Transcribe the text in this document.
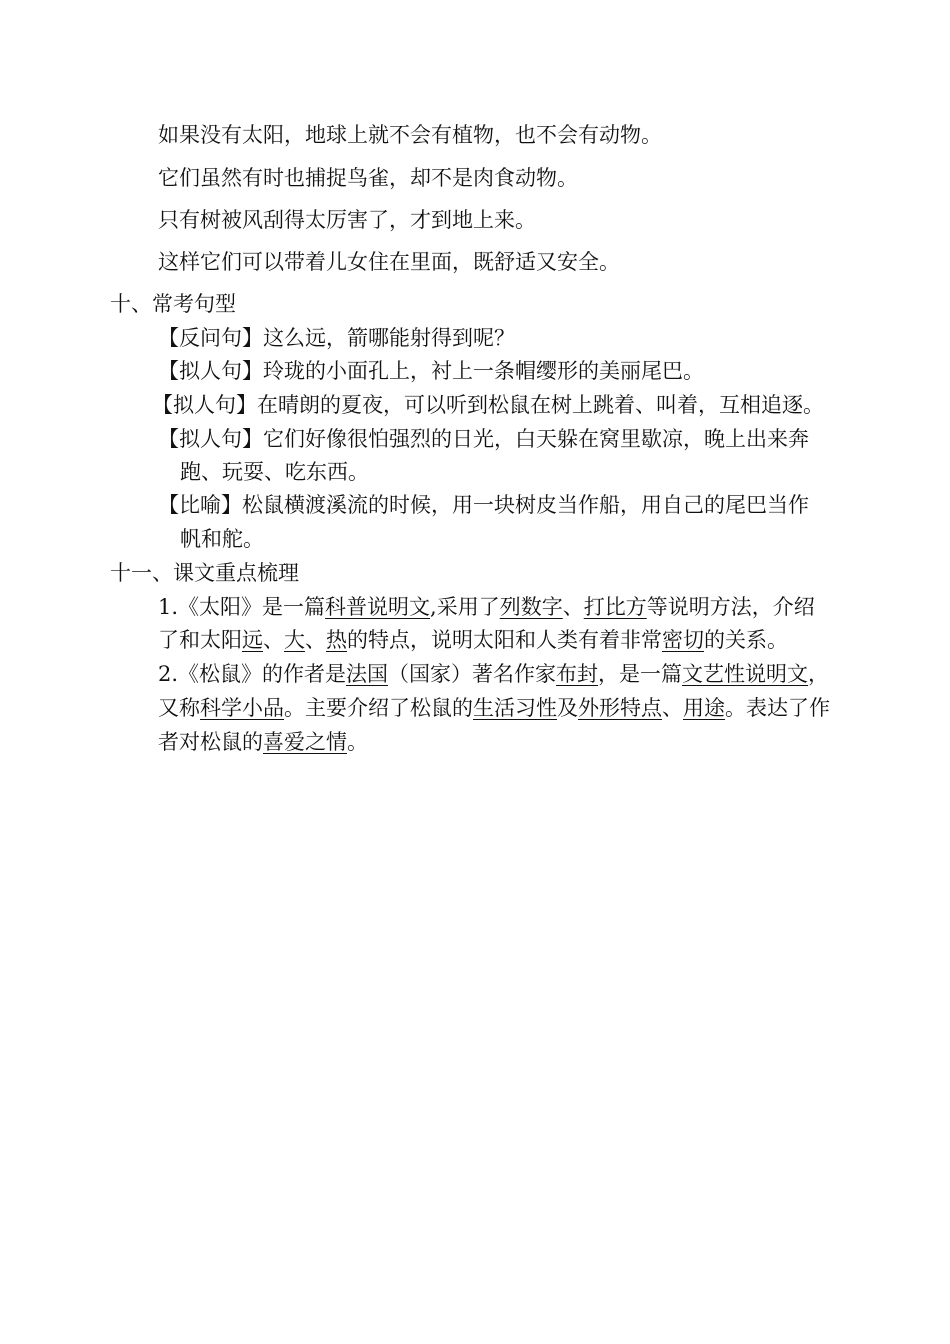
如果没有太阳，地球上就不会有植物，也不会有动物。
它们虽然有时也捕捉鸟雀，却不是肉食动物。
只有树被风刮得太厉害了，才到地上来。
这样它们可以带着儿女住在里面，既舒适又安全。
十、常考句型
【反问句】这么远，箭哪能射得到呢？
【拟人句】玲珑的小面孔上，衬上一条帽缨形的美丽尾巴。
【拟人句】在晴朗的夏夜，可以听到松鼠在树上跳着、叫着，互相追逐。
【拟人句】它们好像很怕强烈的日光，白天躲在窝里歇凉，晚上出来奔
跑、玩耍、吃东西。
【比喻】松鼠横渡溪流的时候，用一块树皮当作船，用自己的尾巴当作
帆和舵。
十一、课文重点梳理
1.《太阳》是一篇科普说明文,采用了列数字、打比方等说明方法，介绍
了和太阳远、大、热的特点，说明太阳和人类有着非常密切的关系。
2.《松鼠》的作者是法国（国家）著名作家布封，是一篇文艺性说明文，
又称科学小品。主要介绍了松鼠的生活习性及外形特点、用途。表达了作
者对松鼠的喜爱之情。
